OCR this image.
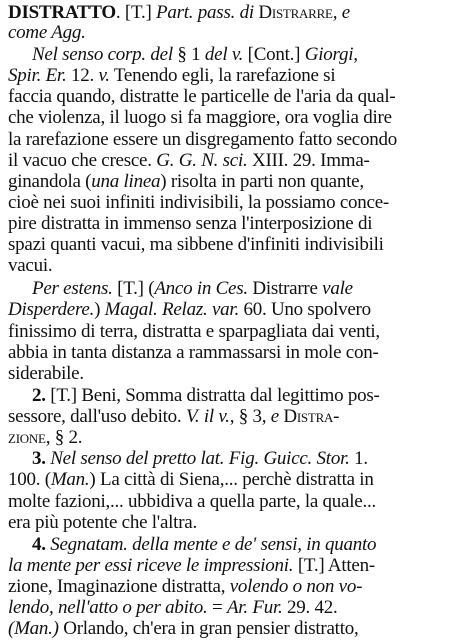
DISTRATTO. [T.] Part. pass. di Distrarre, e
come Agg.
Nel senso corp. del § 1 del v. [Cont.] Giorgi,
Spir. Er. 12. v. Tenendo egli, la rarefazione si
faccia quando, distratte le particelle de l'aria da qual-
che violenza, il luogo si fa maggiore, ora voglia dire
la rarefazione essere un disgregamento fatto secondo
il vacuo che cresce. G. G. N. sci. XIII. 29. Imma-
ginandola (una linea) risolta in parti non quante,
cioè nei suoi infiniti indivisibili, la possiamo conce-
pire distratta in immenso senza l'interposizione di
spazi quanti vacui, ma sibbene d'infiniti indivisibili
vacui.
Per estens. [T.] (Anco in Ces. Distrarre vale
Disperdere.) Magal. Relaz. var. 60. Uno spolvero
finissimo di terra, distratta e sparpagliata dai venti,
abbia in tanta distanza a rammassarsi in mole con-
siderabile.
2. [T.] Beni, Somma distratta dal legittimo pos-
sessore, dall'uso debito. V. il v., § 3, e Distra-
zione, § 2.
3. Nel senso del pretto lat. Fig. Guicc. Stor. 1.
100. (Man.) La città di Siena,... perchè distratta in
molte fazioni,... ubbidiva a quella parte, la quale...
era più potente che l'altra.
4. Segnatam. della mente e de' sensi, in quanto
la mente per essi riceve le impressioni. [T.] Atten-
zione, Imaginazione distratta, volendo o non vo-
lendo, nell'atto o per abito. = Ar. Fur. 29. 42.
(Man.) Orlando, ch'era in gran pensier distratto,
